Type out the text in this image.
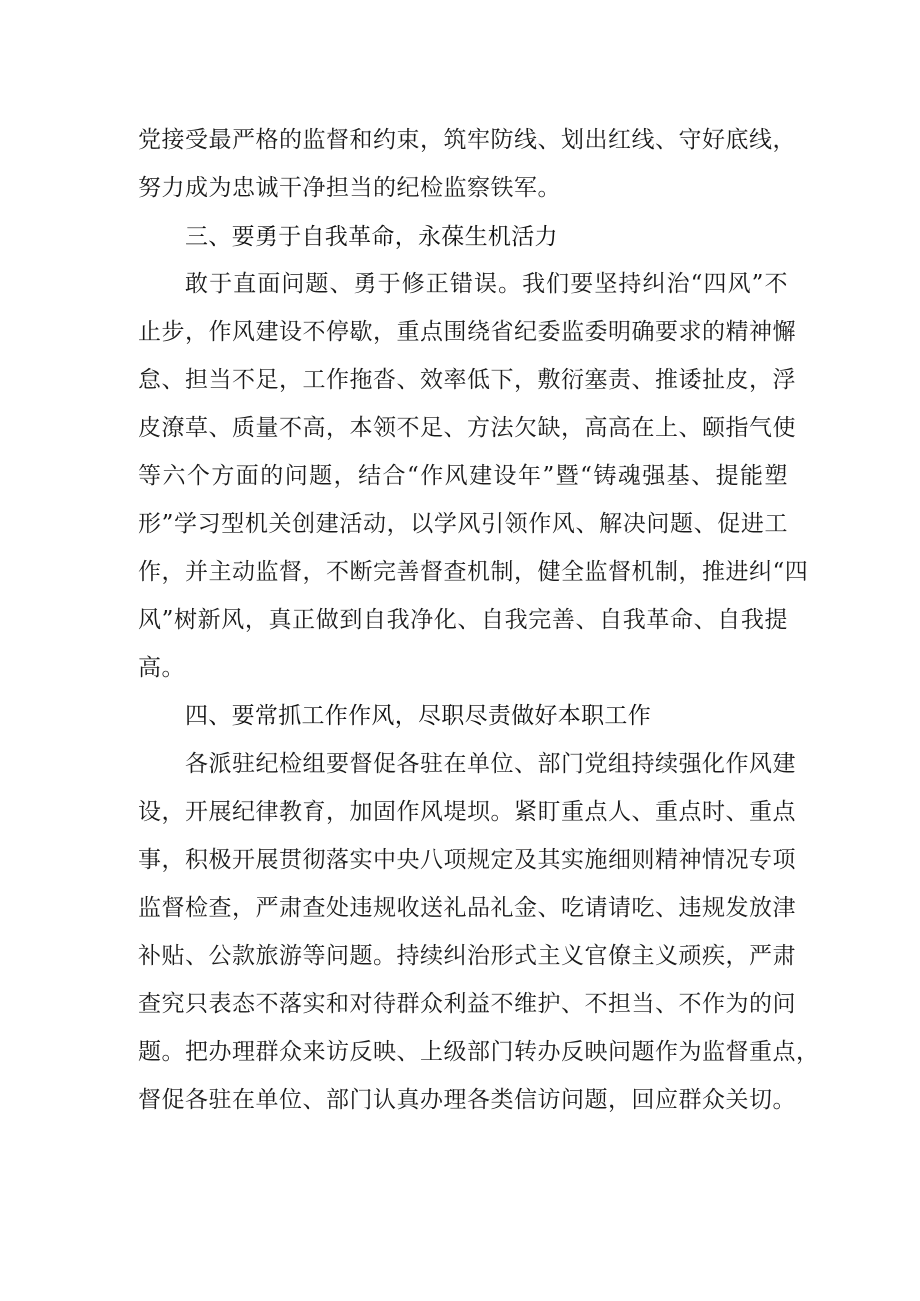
党接受最严格的监督和约束，筑牢防线、划出红线、守好底线，
努力成为忠诚干净担当的纪检监察铁军。
三、要勇于自我革命，永葆生机活力
敢于直面问题、勇于修正错误。我们要坚持纠治“四风”不
止步，作风建设不停歇，重点围绕省纪委监委明确要求的精神懈
怠、担当不足，工作拖沓、效率低下，敷衍塞责、推诿扯皮，浮
皮潦草、质量不高，本领不足、方法欠缺，高高在上、颐指气使
等六个方面的问题，结合“作风建设年”暨“铸魂强基、提能塑
形”学习型机关创建活动，以学风引领作风、解决问题、促进工
作，并主动监督，不断完善督查机制，健全监督机制，推进纠“四
风”树新风，真正做到自我净化、自我完善、自我革命、自我提
高。
四、要常抓工作作风，尽职尽责做好本职工作
各派驻纪检组要督促各驻在单位、部门党组持续强化作风建
设，开展纪律教育，加固作风堤坝。紧盯重点人、重点时、重点
事，积极开展贯彻落实中央八项规定及其实施细则精神情况专项
监督检查，严肃查处违规收送礼品礼金、吃请请吃、违规发放津
补贴、公款旅游等问题。持续纠治形式主义官僚主义顽疾，严肃
查究只表态不落实和对待群众利益不维护、不担当、不作为的问
题。把办理群众来访反映、上级部门转办反映问题作为监督重点，
督促各驻在单位、部门认真办理各类信访问题，回应群众关切。
